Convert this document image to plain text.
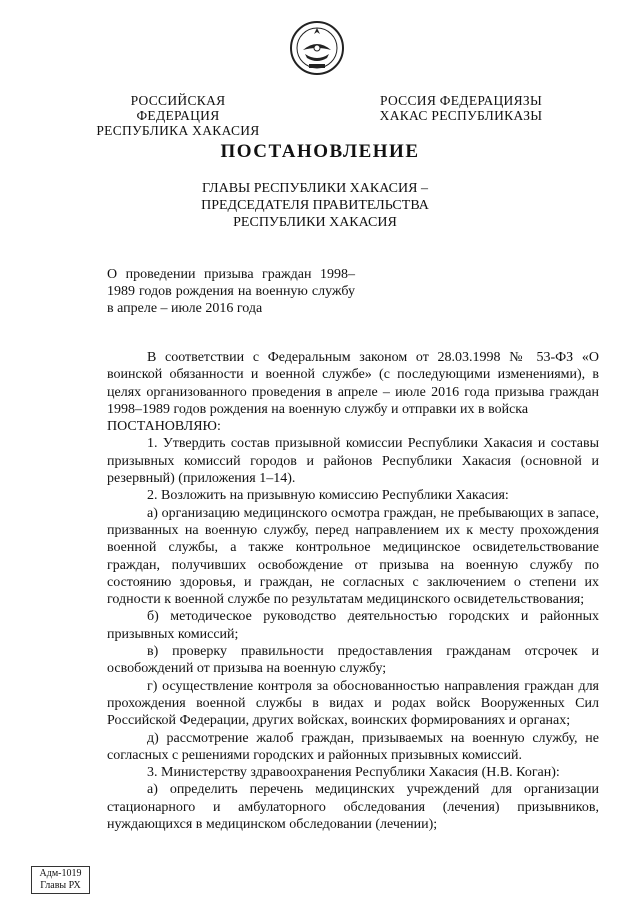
РОССИЙСКАЯ ФЕДЕРАЦИЯ
РЕСПУБЛИКА ХАКАСИЯ
РОССИЯ ФЕДЕРАЦИЯЗЫ
ХАКАС РЕСПУБЛИКАЗЫ
ПОСТАНОВЛЕНИЕ
ГЛАВЫ РЕСПУБЛИКИ ХАКАСИЯ –
ПРЕДСЕДАТЕЛЯ ПРАВИТЕЛЬСТВА
РЕСПУБЛИКИ ХАКАСИЯ
О проведении призыва граждан 1998–1989 годов рождения на военную службу в апреле – июле 2016 года

В соответствии с Федеральным законом от 28.03.1998 № 53-ФЗ «О воинской обязанности и военной службе» (с последующими изменениями), в целях организованного проведения в апреле – июле 2016 года призыва граждан 1998–1989 годов рождения на военную службу и отправки их в войска

ПОСТАНОВЛЯЮ:

1. Утвердить состав призывной комиссии Республики Хакасия и составы призывных комиссий городов и районов Республики Хакасия (основной и резервный) (приложения 1–14).

2. Возложить на призывную комиссию Республики Хакасия:

а) организацию медицинского осмотра граждан, не пребывающих в запасе, призванных на военную службу, перед направлением их к месту прохождения военной службы, а также контрольное медицинское освидетельствование граждан, получивших освобождение от призыва на военную службу по состоянию здоровья, и граждан, не согласных с заключением о степени их годности к военной службе по результатам медицинского освидетельствования;

б) методическое руководство деятельностью городских и районных призывных комиссий;

в) проверку правильности предоставления гражданам отсрочек и освобождений от призыва на военную службу;

г) осуществление контроля за обоснованностью направления граждан для прохождения военной службы в видах и родах войск Вооруженных Сил Российской Федерации, других войсках, воинских формированиях и органах;

д) рассмотрение жалоб граждан, призываемых на военную службу, не согласных с решениями городских и районных призывных комиссий.

3. Министерству здравоохранения Республики Хакасия (Н.В. Коган):

а) определить перечень медицинских учреждений для организации стационарного и амбулаторного обследования (лечения) призывников, нуждающихся в медицинском обследовании (лечении);

Адм-1019
Главы РХ
